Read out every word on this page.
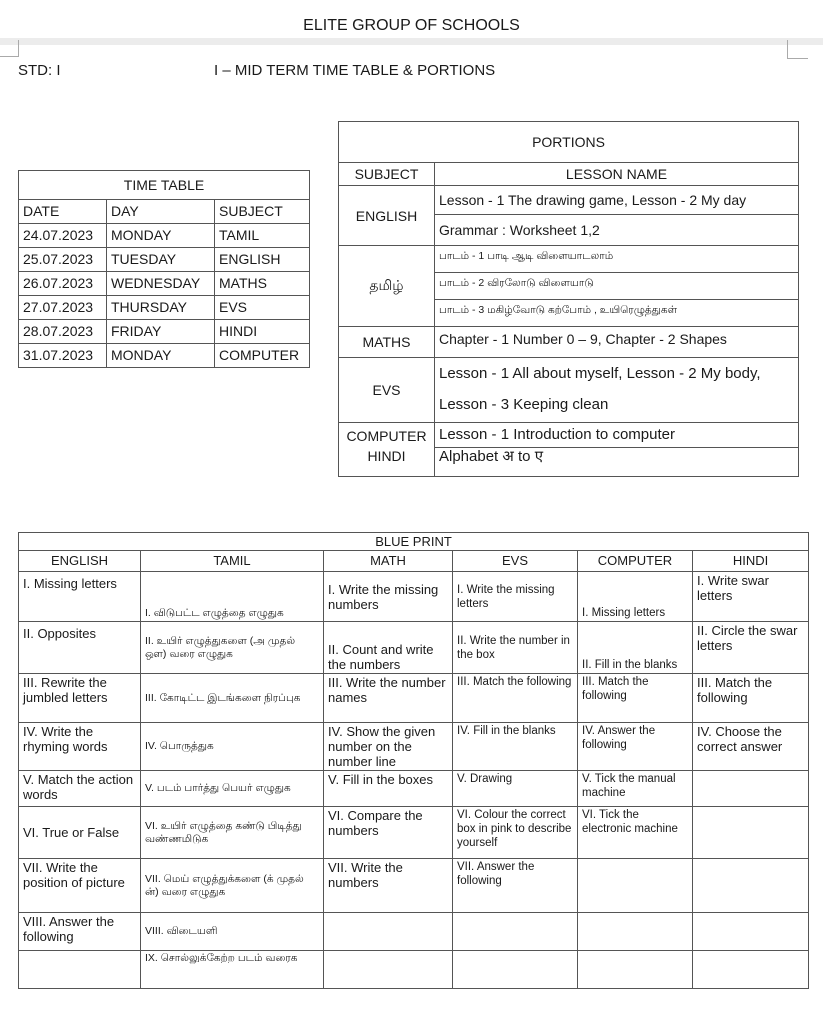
ELITE GROUP OF SCHOOLS
STD: I	I – MID TERM TIME TABLE & PORTIONS
TIME TABLE		
DATE	DAY	SUBJECT
24.07.2023	MONDAY	TAMIL
25.07.2023	TUESDAY	ENGLISH
26.07.2023	WEDNESDAY	MATHS
27.07.2023	THURSDAY	EVS
28.07.2023	FRIDAY	HINDI
31.07.2023	MONDAY	COMPUTER
PORTIONS	
SUBJECT	LESSON NAME
ENGLISH	Lesson - 1 The drawing game, Lesson - 2 My day
	Grammar : Worksheet 1,2
தமிழ்	பாடம் - 1 பாடி ஆடி விளையாடலாம்
	பாடம் - 2 விரலோடு விளையாடு
	பாடம் - 3 மகிழ்வோடு கற்போம் , உயிரெழுத்துகள்
MATHS	Chapter - 1 Number 0 – 9, Chapter - 2 Shapes
EVS	Lesson - 1 All about myself, Lesson - 2 My body,
Lesson - 3 Keeping clean

COMPUTER	Lesson - 1 Introduction to computer
HINDI	Alphabet अ to ए
BLUE PRINT					
ENGLISH	TAMIL	MATH	EVS	COMPUTER	HINDI
I. Missing letters	I. விடுபட்ட எழுத்தை எழுதுக	I. Write the missing numbers	I. Write the missing letters	I. Missing letters	I. Write swar letters
II. Opposites	II. உயிர் எழுத்துகளை (அ முதல் ஔ) வரை எழுதுக	II. Count and write the numbers	II. Write the number in the box	II. Fill in the blanks	II. Circle the swar letters
III. Rewrite the jumbled letters	III. கோடிட்ட இடங்களை நிரப்புக	III. Write the number names	III. Match the following	III. Match the following	III. Match the following
IV. Write the rhyming words	IV. பொருத்துக	IV. Show the given number on the number line	IV. Fill in the blanks	IV. Answer the following	IV. Choose the correct answer
V. Match the action words	V. படம் பார்த்து பெயர் எழுதுக	V. Fill in the boxes	V. Drawing	V. Tick the manual machine	
VI. True or False	VI. உயிர் எழுத்தை கண்டு பிடித்து வண்ணமிடுக	VI. Compare the numbers	VI. Colour the correct box in pink to describe yourself	VI. Tick the electronic machine	
VII. Write the position of picture	VII. மெய் எழுத்துக்களை (க் முதல் ன்) வரை எழுதுக	VII. Write the numbers	VII. Answer the following		
VIII. Answer the following	VIII. விடையளி				
	IX. சொல்லுக்கேற்ற படம் வரைக				
